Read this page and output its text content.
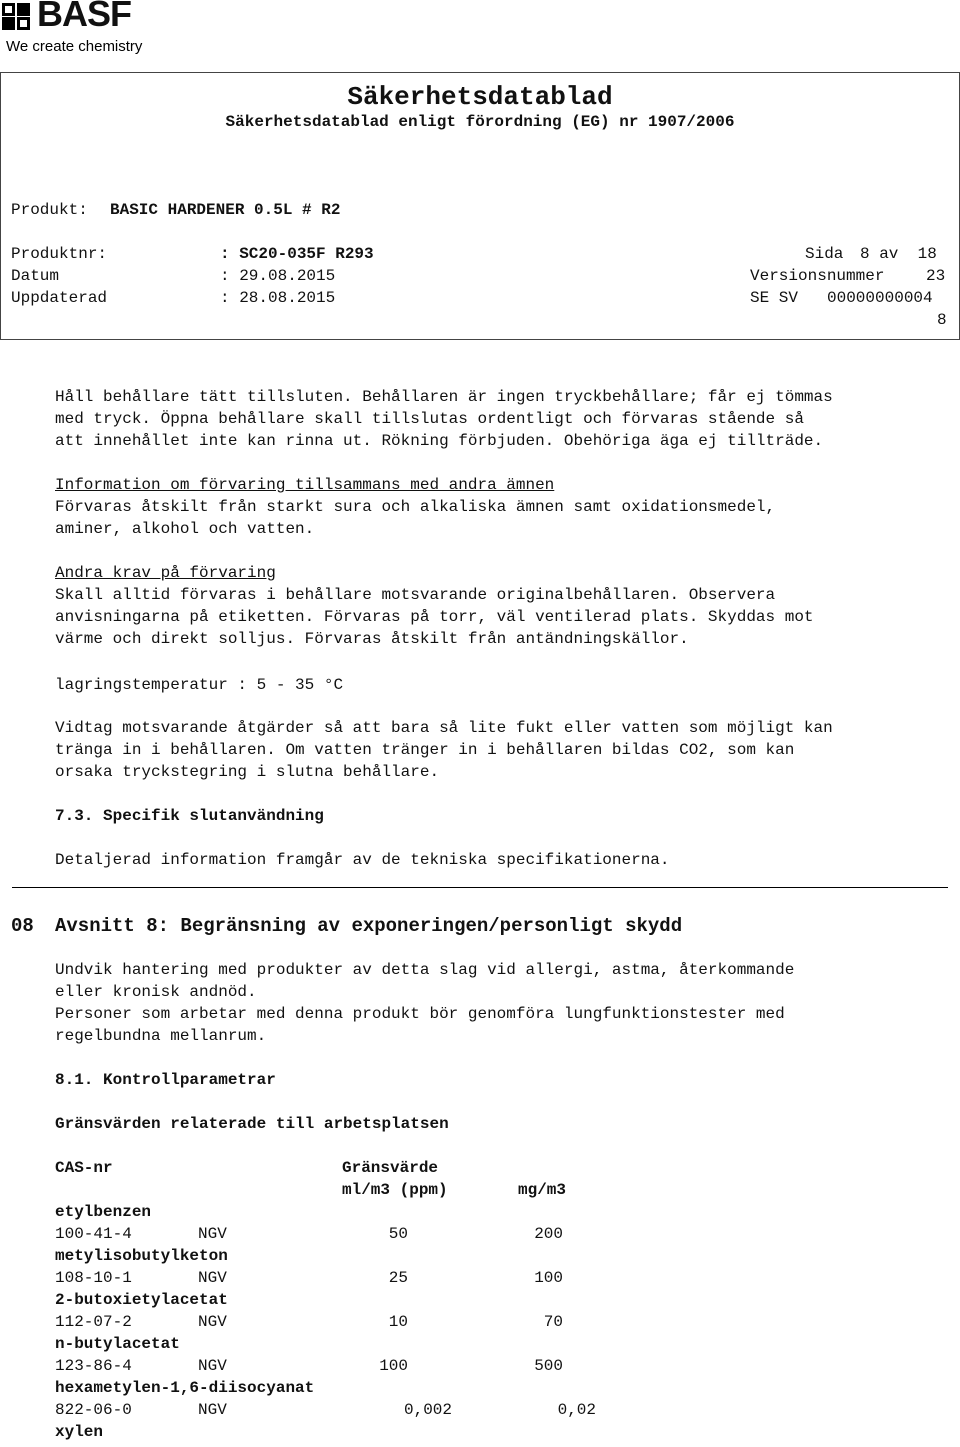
BASF
We create chemistry
Säkerhetsdatablad
Säkerhetsdatablad enligt förordning (EG) nr 1907/2006
Produkt: BASIC HARDENER 0.5L # R2
Produktnr:	: SC20-035F R293	Sida 8 av  18
Datum	: 29.08.2015	Versionsnummer	23
Uppdaterad	: 28.08.2015	SE SV 00000000004
8
Håll behållare tätt tillsluten. Behållaren är ingen tryckbehållare; får ej tömmas
med tryck. Öppna behållare skall tillslutas ordentligt och förvaras stående så
att innehållet inte kan rinna ut. Rökning förbjuden. Obehöriga äga ej tillträde.
Information om förvaring tillsammans med andra ämnen
Förvaras åtskilt från starkt sura och alkaliska ämnen samt oxidationsmedel,
aminer, alkohol och vatten.
Andra krav på förvaring
Skall alltid förvaras i behållare motsvarande originalbehållaren. Observera
anvisningarna på etiketten. Förvaras på torr, väl ventilerad plats. Skyddas mot
värme och direkt solljus. Förvaras åtskilt från antändningskällor.
lagringstemperatur : 5 - 35 °C
Vidtag motsvarande åtgärder så att bara så lite fukt eller vatten som möjligt kan
tränga in i behållaren. Om vatten tränger in i behållaren bildas CO2, som kan
orsaka tryckstegring i slutna behållare.
7.3. Specifik slutanvändning
Detaljerad information framgår av de tekniska specifikationerna.
08 Avsnitt 8: Begränsning av exponeringen/personligt skydd
Undvik hantering med produkter av detta slag vid allergi, astma, återkommande
eller kronisk andnöd.
Personer som arbetar med denna produkt bör genomföra lungfunktionstester med
regelbundna mellanrum.
8.1. Kontrollparametrar
Gränsvärden relaterade till arbetsplatsen
CAS-nr	Gränsvärde
ml/m3 (ppm)	mg/m3
etylbenzen
100-41-4	NGV	50	200
metylisobutylketon
108-10-1	NGV	25	100
2-butoxietylacetat
112-07-2	NGV	10	70
n-butylacetat
123-86-4	NGV	100	500
hexametylen-1,6-diisocyanat
822-06-0	NGV	0,002	0,02
xylen
